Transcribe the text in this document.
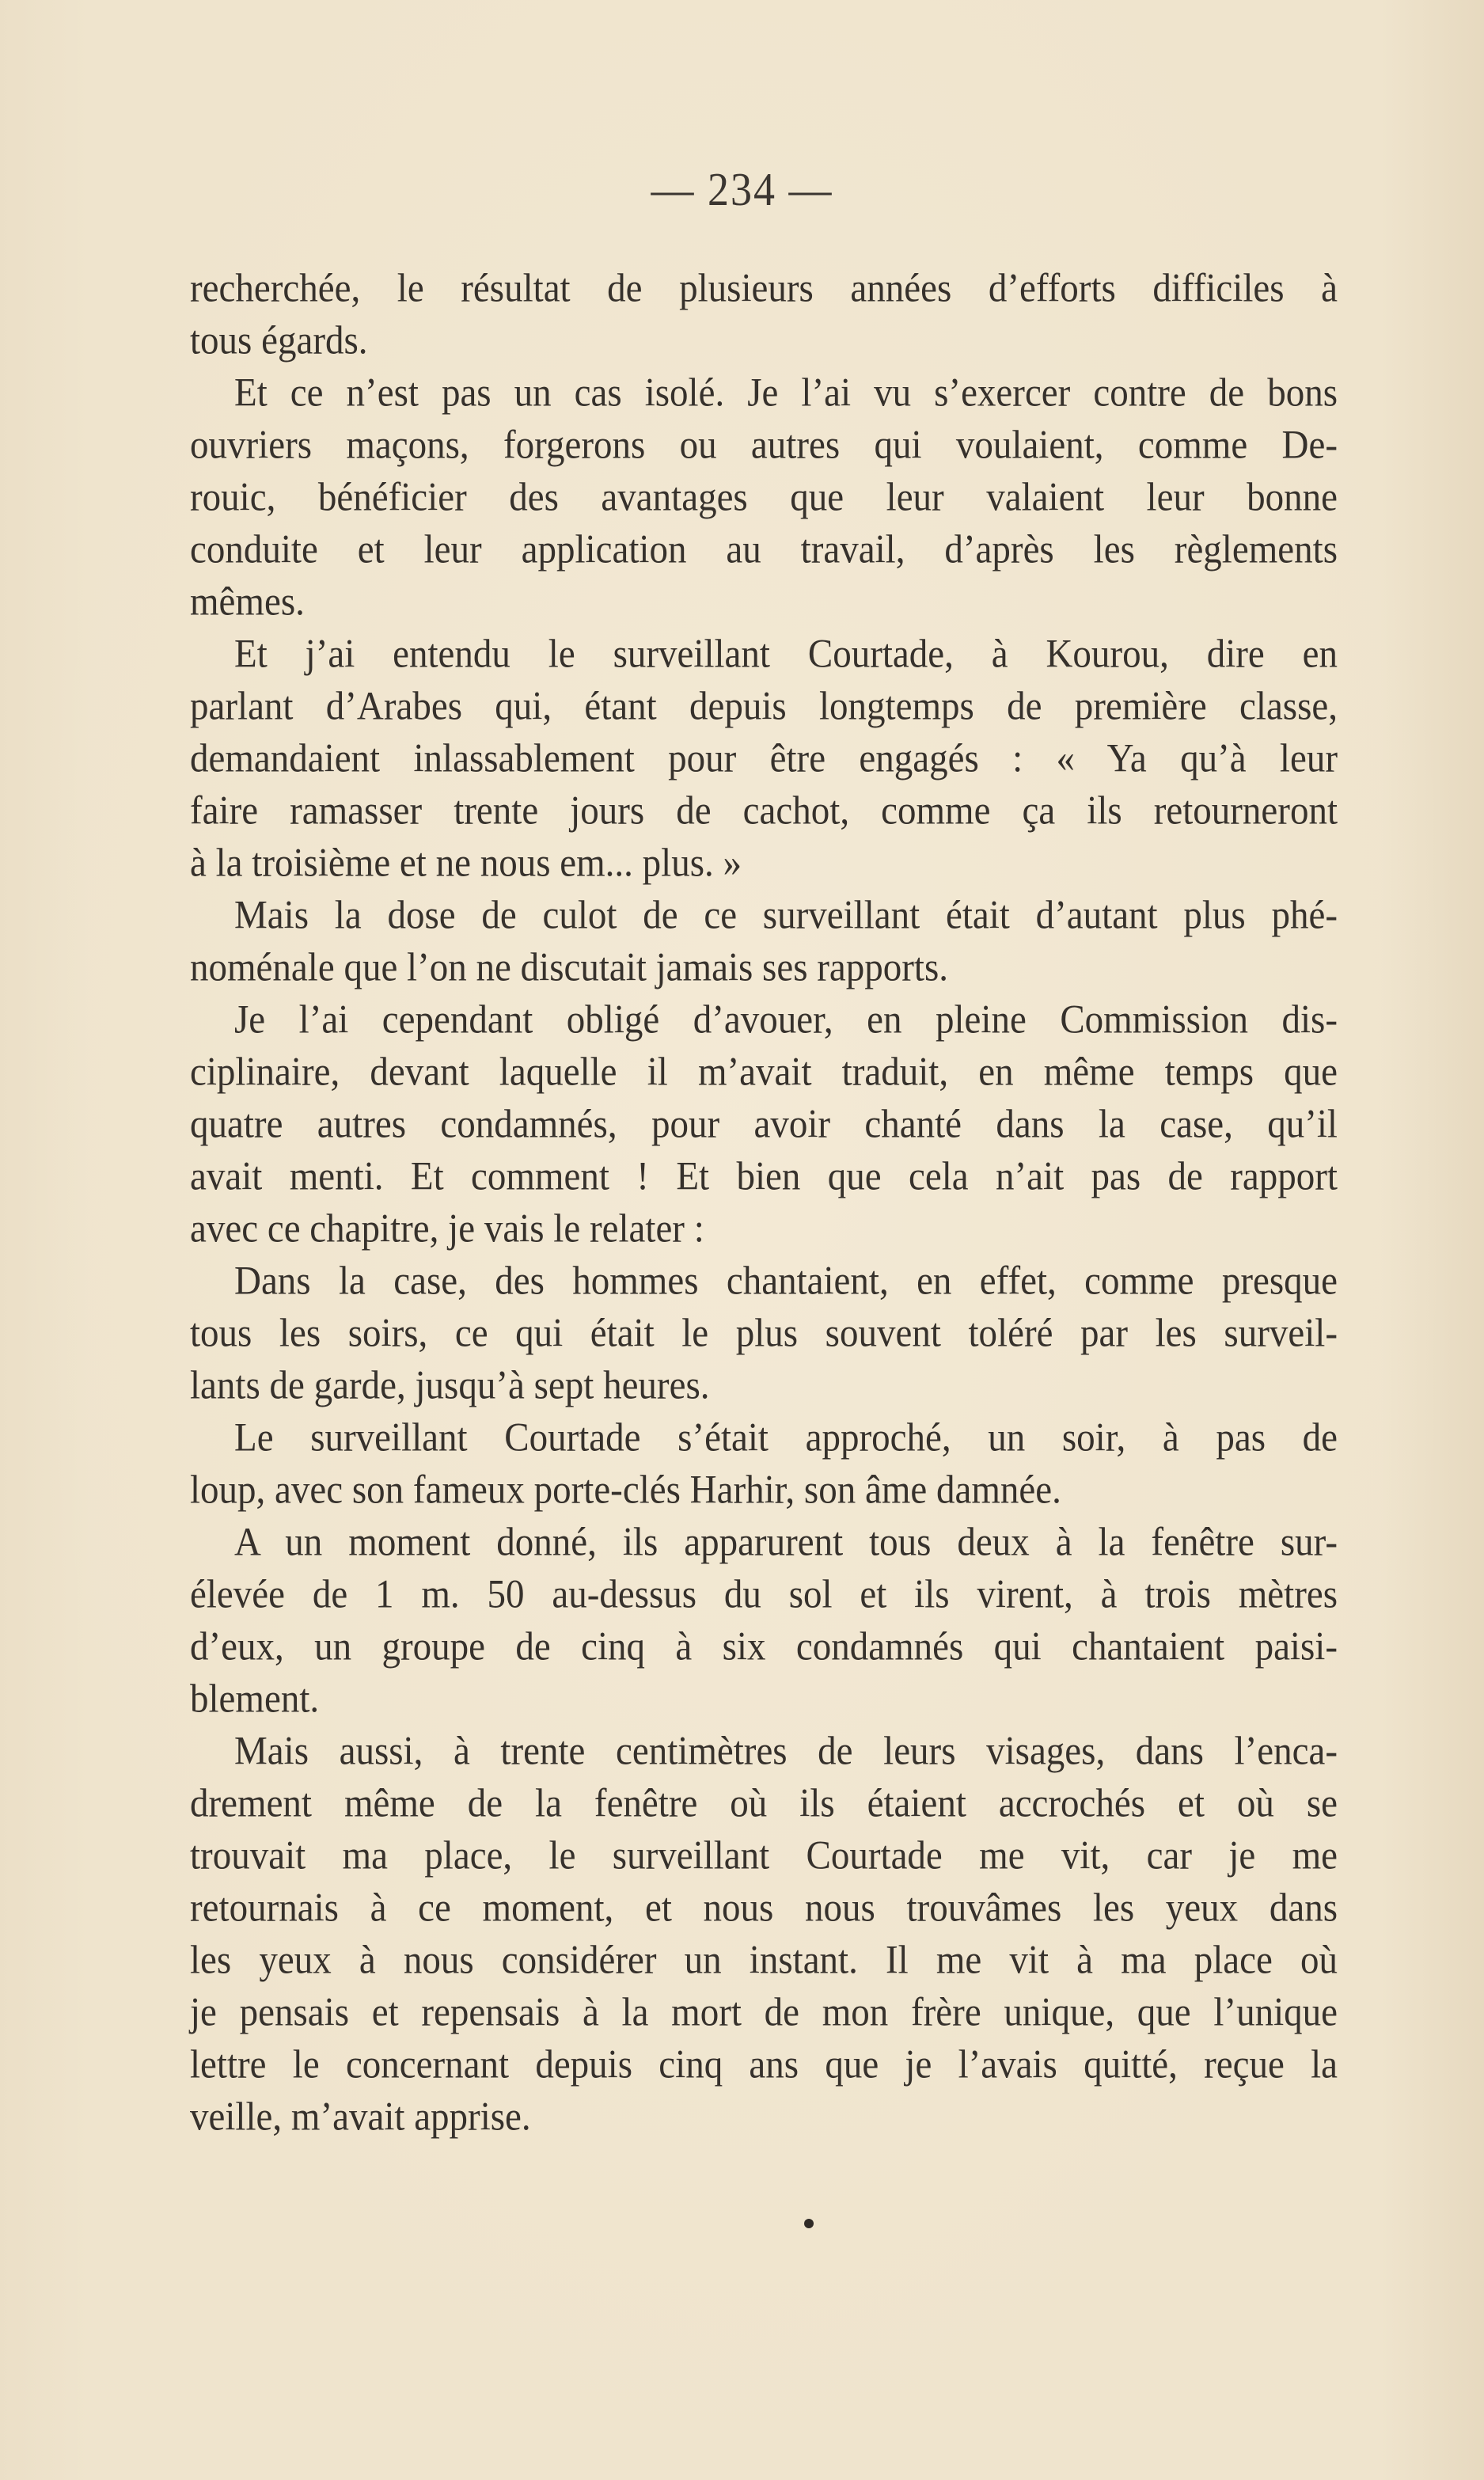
— 234 —
recherchée, le résultat de plusieurs années d’efforts difficiles à
tous égards.
Et ce n’est pas un cas isolé. Je l’ai vu s’exercer contre de bons
ouvriers maçons, forgerons ou autres qui voulaient, comme De-
rouic, bénéficier des avantages que leur valaient leur bonne
conduite et leur application au travail, d’après les règlements
mêmes.
Et j’ai entendu le surveillant Courtade, à Kourou, dire en
parlant d’Arabes qui, étant depuis longtemps de première classe,
demandaient inlassablement pour être engagés : « Ya qu’à leur
faire ramasser trente jours de cachot, comme ça ils retourneront
à la troisième et ne nous em... plus. »
Mais la dose de culot de ce surveillant était d’autant plus phé-
noménale que l’on ne discutait jamais ses rapports.
Je l’ai cependant obligé d’avouer, en pleine Commission dis-
ciplinaire, devant laquelle il m’avait traduit, en même temps que
quatre autres condamnés, pour avoir chanté dans la case, qu’il
avait menti. Et comment ! Et bien que cela n’ait pas de rapport
avec ce chapitre, je vais le relater :
Dans la case, des hommes chantaient, en effet, comme presque
tous les soirs, ce qui était le plus souvent toléré par les surveil-
lants de garde, jusqu’à sept heures.
Le surveillant Courtade s’était approché, un soir, à pas de
loup, avec son fameux porte-clés Harhir, son âme damnée.
A un moment donné, ils apparurent tous deux à la fenêtre sur-
élevée de 1 m. 50 au-dessus du sol et ils virent, à trois mètres
d’eux, un groupe de cinq à six condamnés qui chantaient paisi-
blement.
Mais aussi, à trente centimètres de leurs visages, dans l’enca-
drement même de la fenêtre où ils étaient accrochés et où se
trouvait ma place, le surveillant Courtade me vit, car je me
retournais à ce moment, et nous nous trouvâmes les yeux dans
les yeux à nous considérer un instant. Il me vit à ma place où
je pensais et repensais à la mort de mon frère unique, que l’unique
lettre le concernant depuis cinq ans que je l’avais quitté, reçue la
veille, m’avait apprise.
